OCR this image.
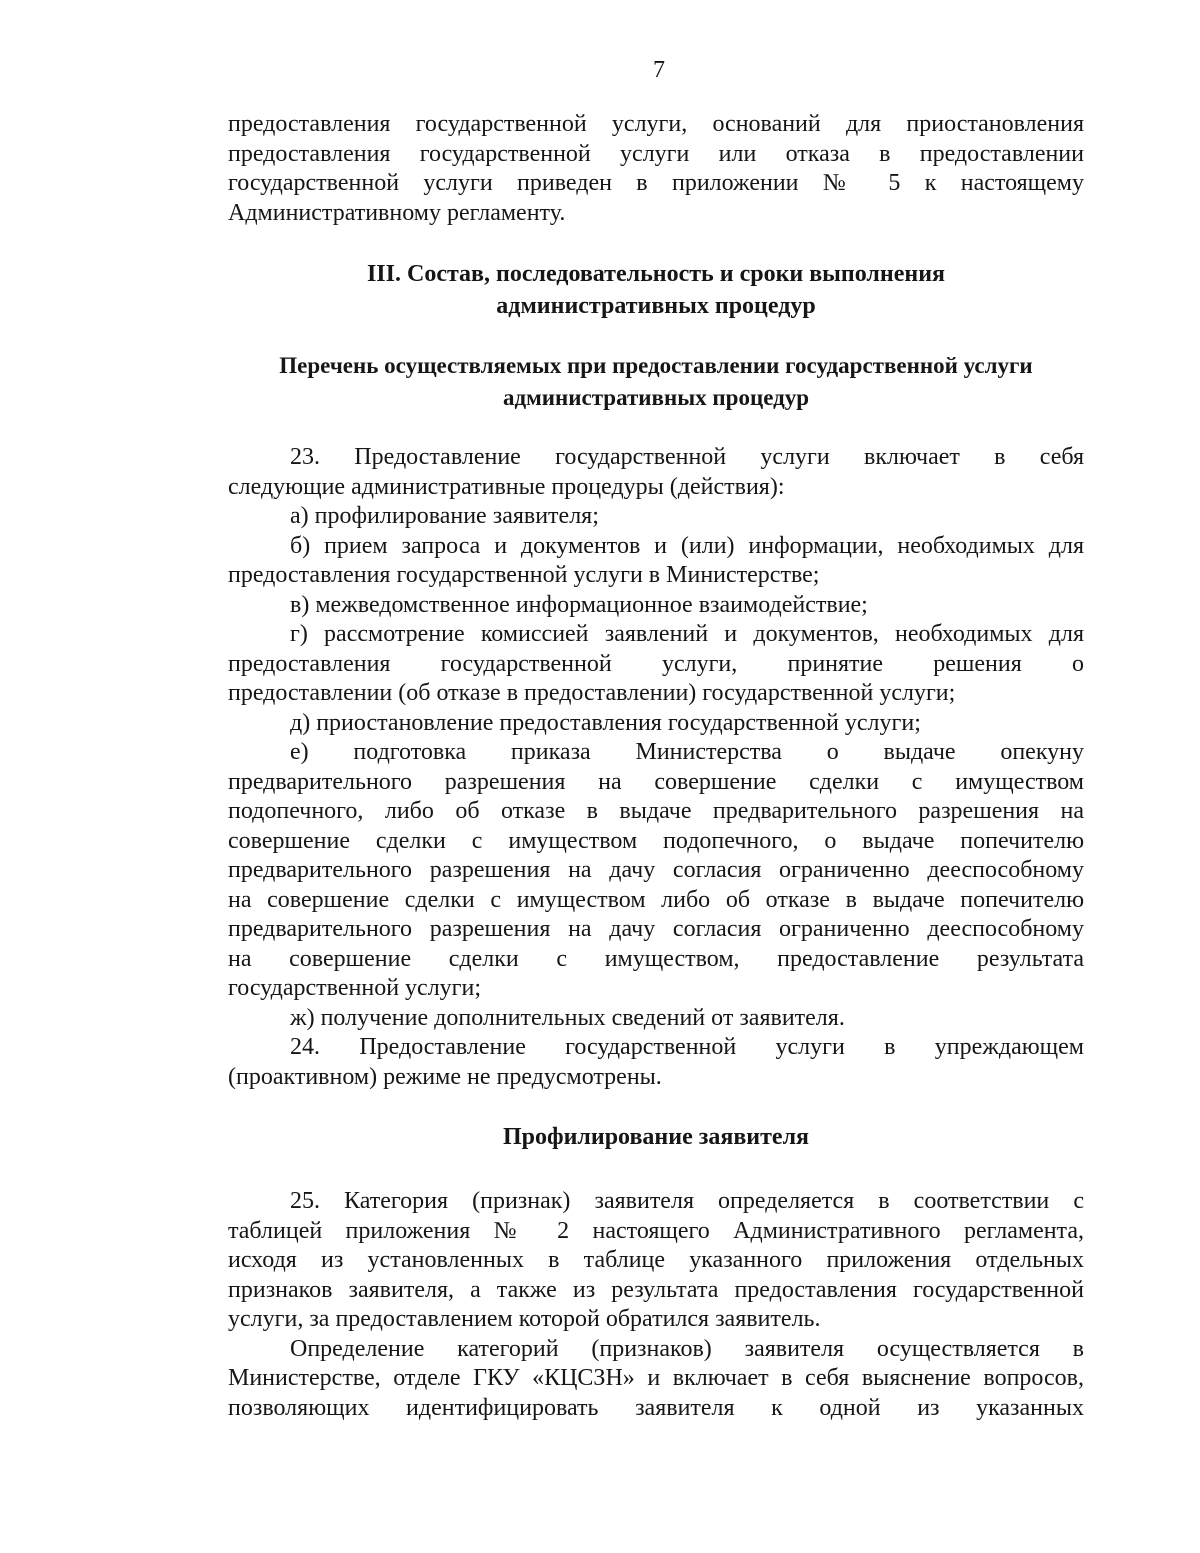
7
предоставления государственной услуги, оснований для приостановления
предоставления государственной услуги или отказа в предоставлении
государственной услуги приведен в приложении № 5 к настоящему
Административному регламенту.
III. Состав, последовательность и сроки выполнения
административных процедур
Перечень осуществляемых при предоставлении государственной услуги
административных процедур
23. Предоставление государственной услуги включает в себя
следующие административные процедуры (действия):
а) профилирование заявителя;
б) прием запроса и документов и (или) информации, необходимых для
предоставления государственной услуги в Министерстве;
в) межведомственное информационное взаимодействие;
г) рассмотрение комиссией заявлений и документов, необходимых для
предоставления государственной услуги, принятие решения о
предоставлении (об отказе в предоставлении) государственной услуги;
д) приостановление предоставления государственной услуги;
е) подготовка приказа Министерства о выдаче опекуну
предварительного разрешения на совершение сделки с имуществом
подопечного, либо об отказе в выдаче предварительного разрешения на
совершение сделки с имуществом подопечного, о выдаче попечителю
предварительного разрешения на дачу согласия ограниченно дееспособному
на совершение сделки с имуществом либо об отказе в выдаче попечителю
предварительного разрешения на дачу согласия ограниченно дееспособному
на совершение сделки с имуществом, предоставление результата
государственной услуги;
ж) получение дополнительных сведений от заявителя.
24. Предоставление государственной услуги в упреждающем
(проактивном) режиме не предусмотрены.
Профилирование заявителя
25. Категория (признак) заявителя определяется в соответствии с
таблицей приложения № 2 настоящего Административного регламента,
исходя из установленных в таблице указанного приложения отдельных
признаков заявителя, а также из результата предоставления государственной
услуги, за предоставлением которой обратился заявитель.
Определение категорий (признаков) заявителя осуществляется в
Министерстве, отделе ГКУ «КЦСЗН» и включает в себя выяснение вопросов,
позволяющих идентифицировать заявителя к одной из указанных
